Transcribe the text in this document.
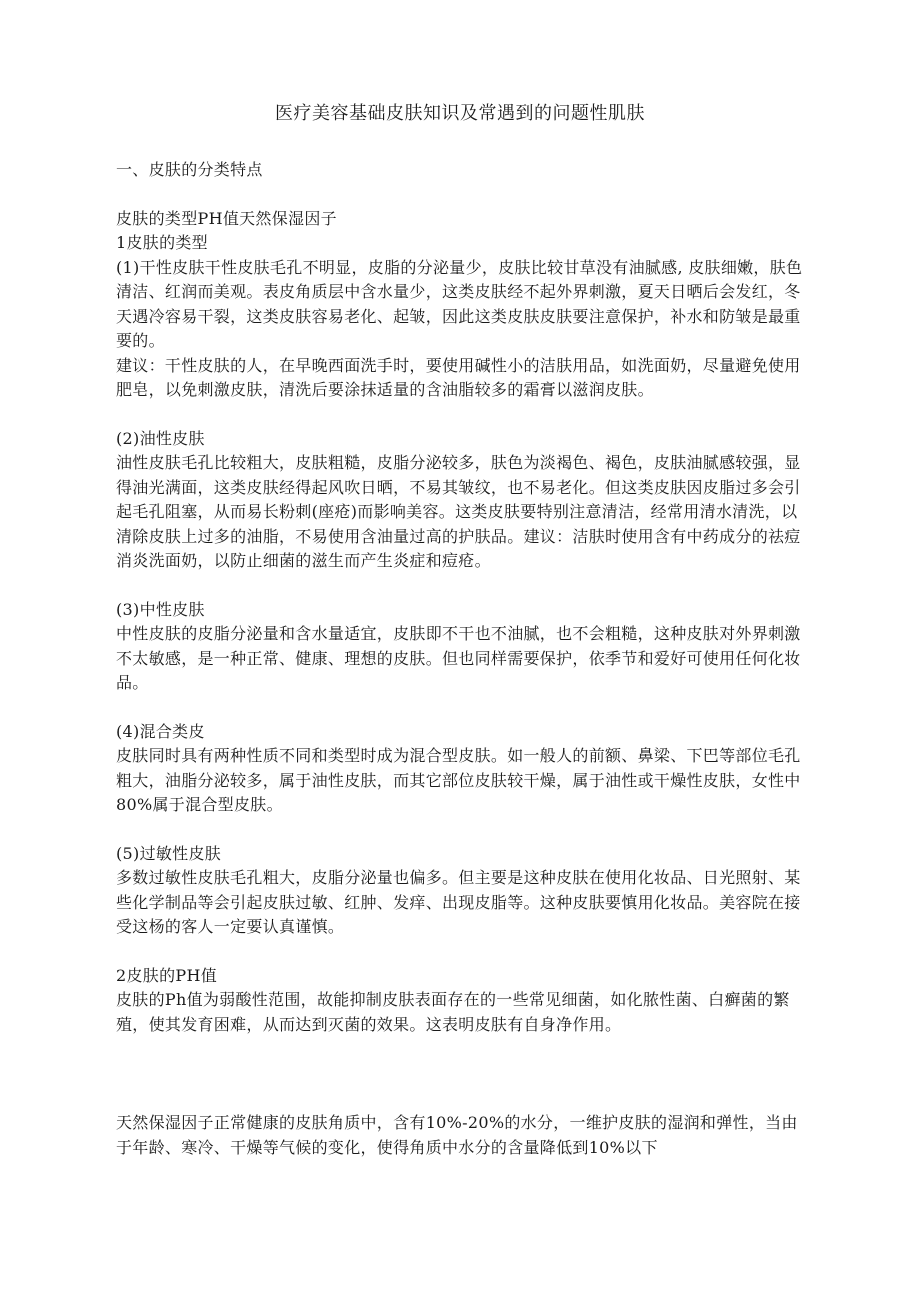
医疗美容基础皮肤知识及常遇到的问题性肌肤

一、皮肤的分类特点

皮肤的类型PH值天然保湿因子

1皮肤的类型

(1)干性皮肤干性皮肤毛孔不明显，皮脂的分泌量少，皮肤比较甘草没有油腻感, 皮肤细嫩，肤色清洁、红润而美观。表皮角质层中含水量少，这类皮肤经不起外界刺激，夏天日晒后会发红，冬天遇冷容易干裂，这类皮肤容易老化、起皱，因此这类皮肤皮肤要注意保护，补水和防皱是最重要的。

建议：干性皮肤的人，在早晚西面洗手时，要使用碱性小的洁肤用品，如洗面奶，尽量避免使用肥皂，以免刺激皮肤，清洗后要涂抹适量的含油脂较多的霜膏以滋润皮肤。

(2)油性皮肤

油性皮肤毛孔比较粗大，皮肤粗糙，皮脂分泌较多，肤色为淡褐色、褐色，皮肤油腻感较强，显得油光满面，这类皮肤经得起风吹日晒，不易其皱纹，也不易老化。但这类皮肤因皮脂过多会引起毛孔阻塞，从而易长粉刺(座疮)而影响美容。这类皮肤要特别注意清洁，经常用清水清洗，以清除皮肤上过多的油脂，不易使用含油量过高的护肤品。建议：洁肤时使用含有中药成分的祛痘消炎洗面奶，以防止细菌的滋生而产生炎症和痘疮。

(3)中性皮肤

中性皮肤的皮脂分泌量和含水量适宜，皮肤即不干也不油腻，也不会粗糙，这种皮肤对外界刺激不太敏感，是一种正常、健康、理想的皮肤。但也同样需要保护，依季节和爱好可使用任何化妆品。

(4)混合类皮

皮肤同时具有两种性质不同和类型时成为混合型皮肤。如一般人的前额、鼻梁、下巴等部位毛孔粗大，油脂分泌较多，属于油性皮肤，而其它部位皮肤较干燥，属于油性或干燥性皮肤，女性中80%属于混合型皮肤。

(5)过敏性皮肤

多数过敏性皮肤毛孔粗大，皮脂分泌量也偏多。但主要是这种皮肤在使用化妆品、日光照射、某些化学制品等会引起皮肤过敏、红肿、发痒、出现皮脂等。这种皮肤要慎用化妆品。美容院在接受这杨的客人一定要认真谨慎。

2皮肤的PH值

皮肤的Ph值为弱酸性范围，故能抑制皮肤表面存在的一些常见细菌，如化脓性菌、白癣菌的繁殖，使其发育困难，从而达到灭菌的效果。这表明皮肤有自身净作用。

天然保湿因子正常健康的皮肤角质中，含有10%-20%的水分，一维护皮肤的湿润和弹性，当由于年龄、寒冷、干燥等气候的变化，使得角质中水分的含量降低到10%以下
